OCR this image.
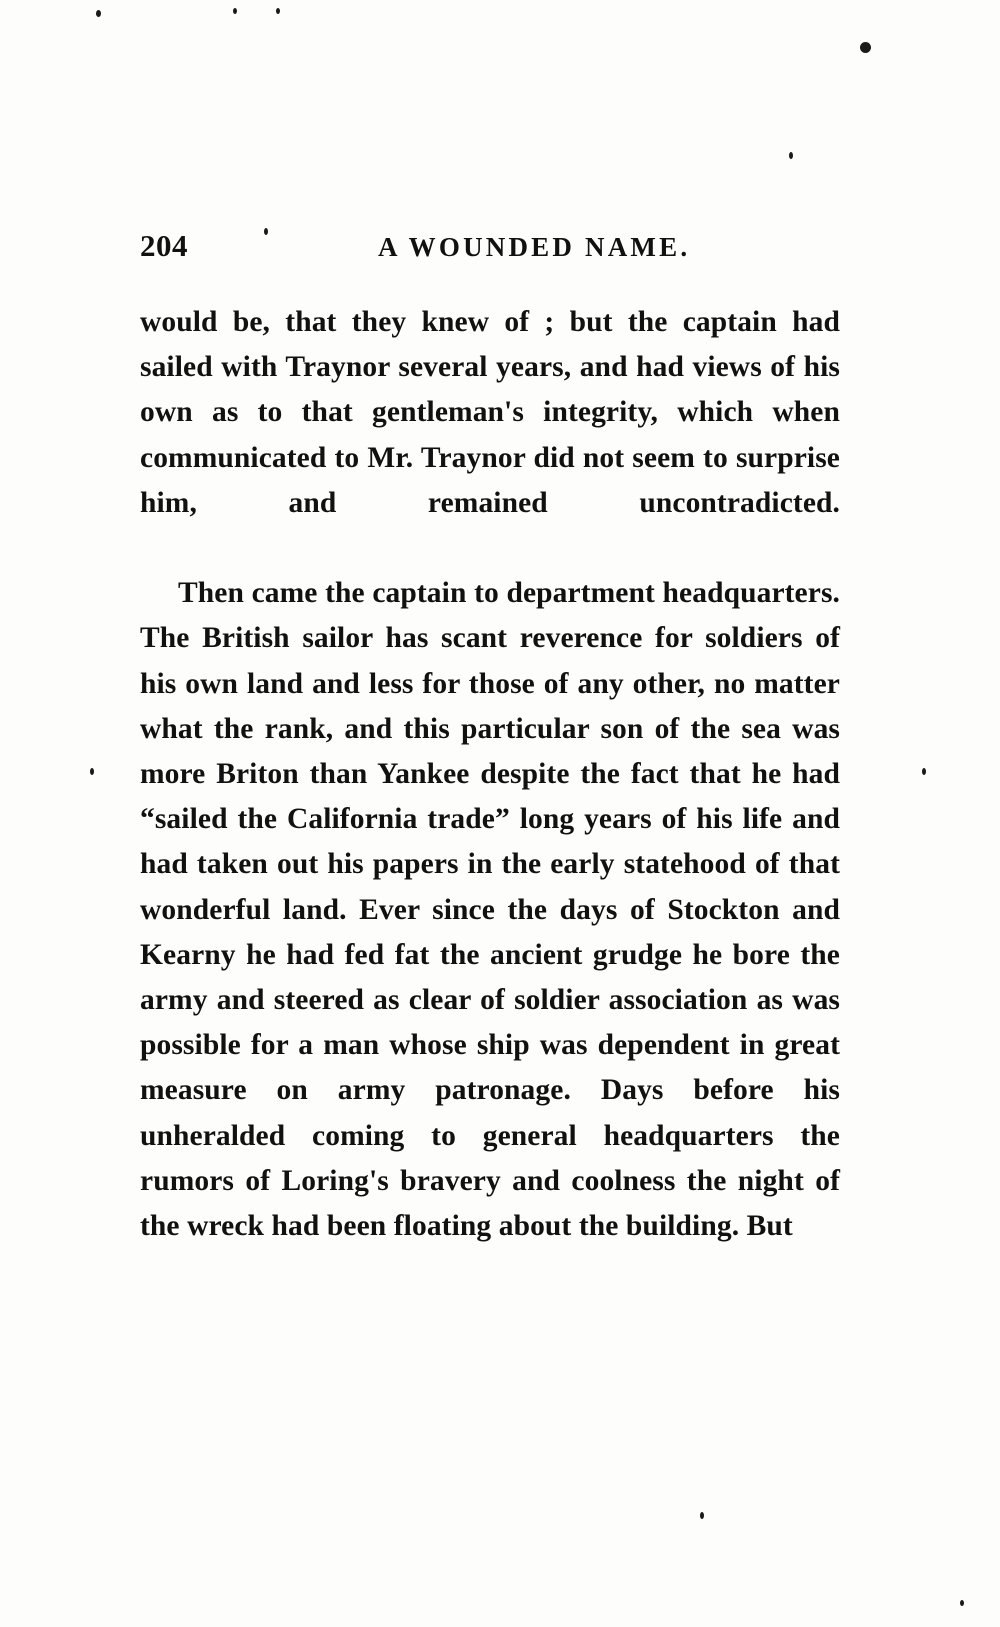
204	A WOUNDED NAME.

would be, that they knew of ; but the captain had sailed with Traynor several years, and had views of his own as to that gentleman's integrity, which when communicated to Mr. Traynor did not seem to surprise him, and remained uncontradicted.

Then came the captain to department headquarters. The British sailor has scant reverence for soldiers of his own land and less for those of any other, no matter what the rank, and this particular son of the sea was more Briton than Yankee despite the fact that he had “sailed the California trade” long years of his life and had taken out his papers in the early statehood of that wonderful land. Ever since the days of Stockton and Kearny he had fed fat the ancient grudge he bore the army and steered as clear of soldier association as was possible for a man whose ship was dependent in great measure on army patronage. Days before his unheralded coming to general headquarters the rumors of Loring's bravery and coolness the night of the wreck had been floating about the building. But
